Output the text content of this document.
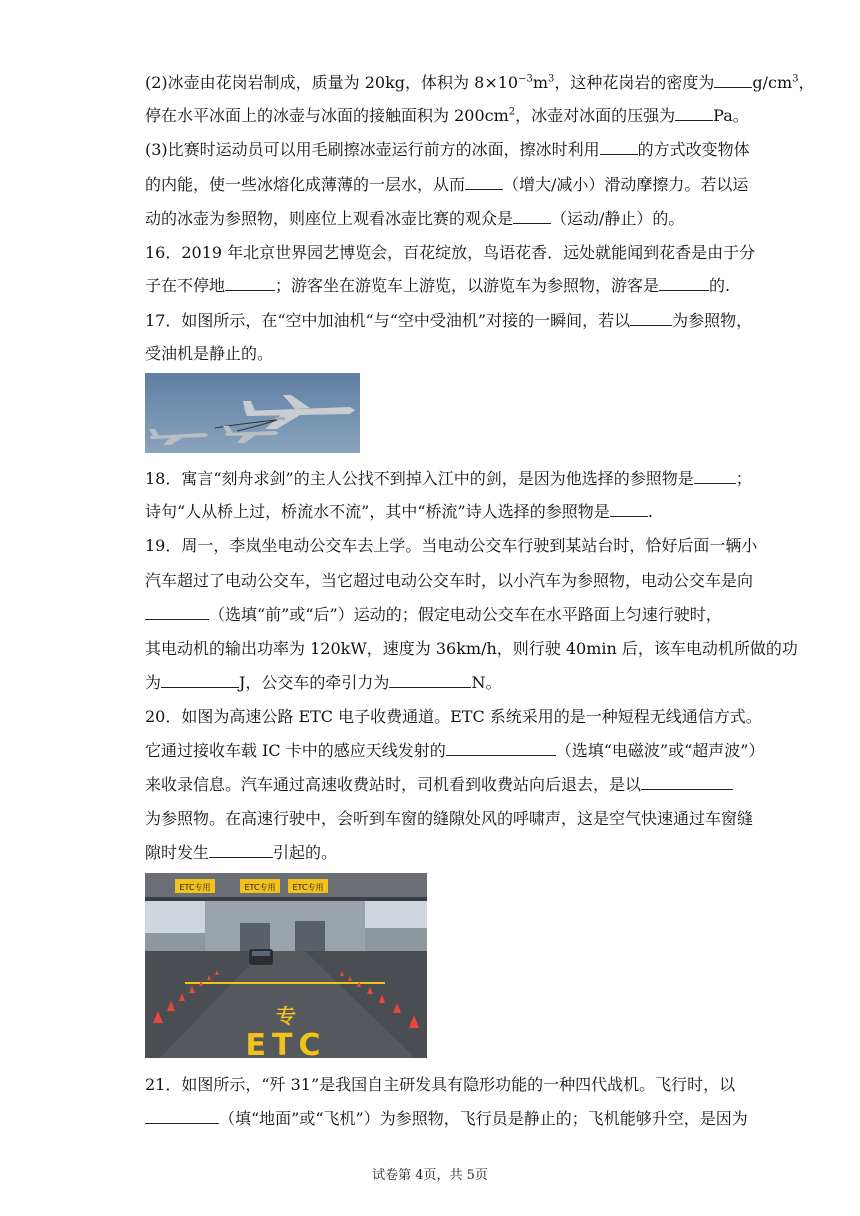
(2)冰壶由花岗岩制成，质量为 20kg，体积为 $8\times 10^{-3}m^3$，这种花岗岩的密度为 $g/cm^3$，
停在水平冰面上的冰壶与冰面的接触面积为 $200cm^2$，冰壶对冰面的压强为 Pa。
(3)比赛时运动员可以用毛刷擦冰壶运行前方的冰面，擦冰时利用 的方式改变物体
的内能，使一些冰熔化成薄薄的一层水，从而 （增大/减小）滑动摩擦力。若以运
动的冰壶为参照物，则座位上观看冰壶比赛的观众是 （运动/静止）的。
16．2019 年北京世界园艺博览会，百花绽放，鸟语花香．远处就能闻到花香是由于分
子在不停地	；游客坐在游览车上游览，以游览车为参照物，游客是	的.
17．如图所示，在“空中加油机“与“空中受油机”对接的一瞬间，若以	为参照物，
受油机是静止的。
18．寓言“刻舟求剑”的主人公找不到掉入江中的剑，是因为他选择的参照物是	；
诗句“人从桥上过，桥流水不流”，其中“桥流”诗人选择的参照物是 .
19．周一，李岚坐电动公交车去上学。当电动公交车行驶到某站台时，恰好后面一辆小
汽车超过了电动公交车，当它超过电动公交车时，以小汽车为参照物，电动公交车是向
（选填“前”或“后”）运动的；假定电动公交车在水平路面上匀速行驶时，
其电动机的输出功率为 120kW，速度为 36km/h，则行驶 40min 后，该车电动机所做的功
为	J，公交车的牵引力为	N。
20．如图为高速公路 ETC 电子收费通道。ETC 系统采用的是一种短程无线通信方式。
它通过接收车载 IC 卡中的感应天线发射的	（选填“电磁波”或“超声波”）
来收录信息。汽车通过高速收费站时，司机看到收费站向后退去，是以
为参照物。在高速行驶中，会听到车窗的缝隙处风的呼啸声，这是空气快速通过车窗缝
隙时发生	引起的。
ETC专用	ETC专用 ETC专用
专
ETC
21．如图所示，“歼 31”是我国自主研发具有隐形功能的一种四代战机。飞行时，以
（填“地面”或“飞机”）为参照物，飞行员是静止的；飞机能够升空，是因为
试卷第 4页，共 5页
